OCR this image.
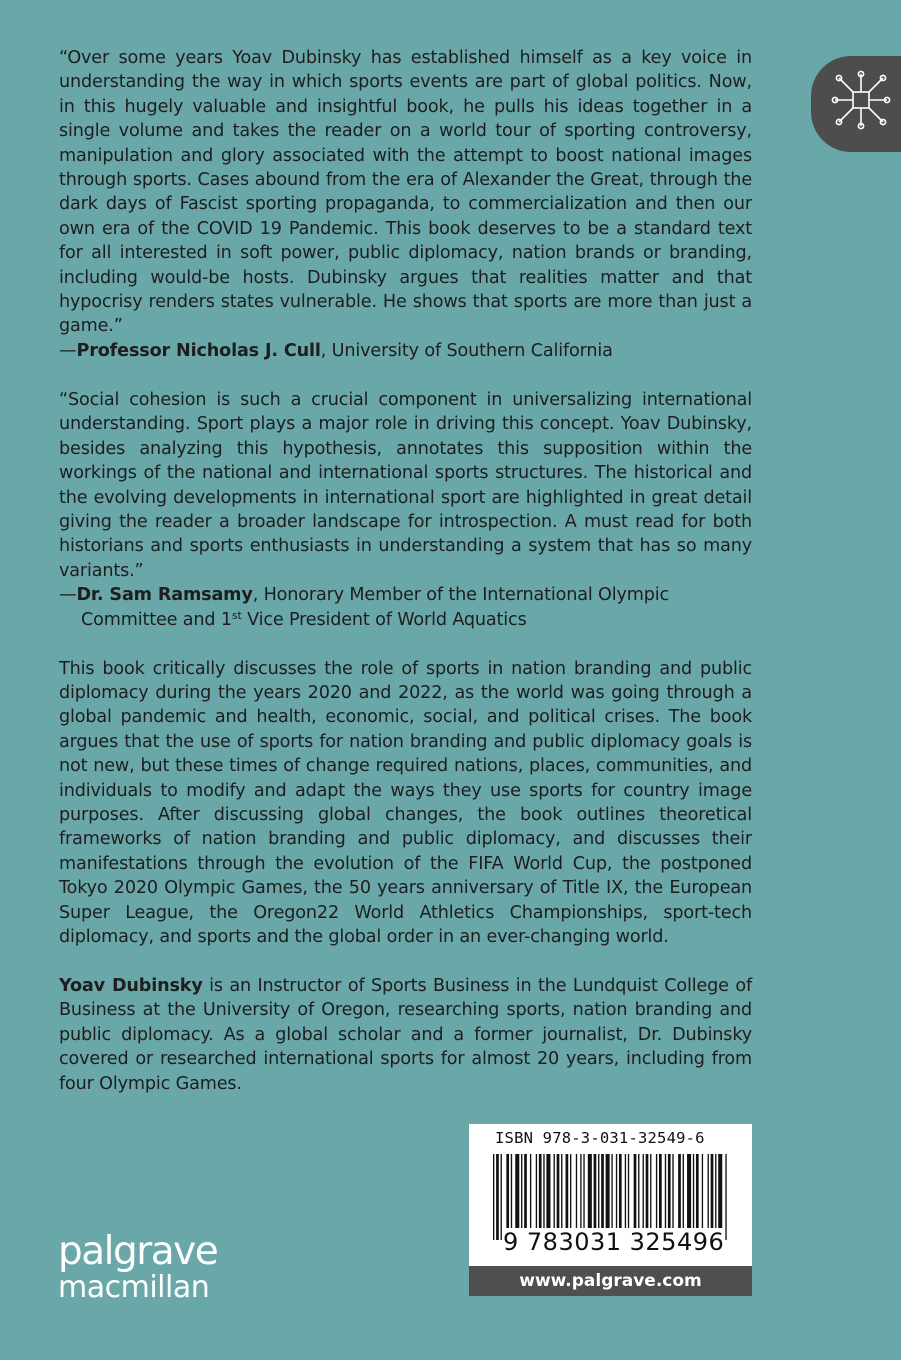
“Over some years Yoav Dubinsky has established himself as a key voice in understanding the way in which sports events are part of global politics. Now, in this hugely valuable and insightful book, he pulls his ideas together in a single volume and takes the reader on a world tour of sporting controversy, manipulation and glory associated with the attempt to boost national images through sports. Cases abound from the era of Alexander the Great, through the dark days of Fascist sporting propaganda, to commercialization and then our own era of the COVID 19 Pandemic. This book deserves to be a standard text for all interested in soft power, public diplomacy, nation brands or branding, including would-be hosts. Dubinsky argues that realities matter and that hypocrisy renders states vulnerable. He shows that sports are more than just a game.”

—Professor Nicholas J. Cull, University of Southern California

“Social cohesion is such a crucial component in universalizing international understanding. Sport plays a major role in driving this concept. Yoav Dubinsky, besides analyzing this hypothesis, annotates this supposition within the workings of the national and international sports structures. The historical and the evolving developments in international sport are highlighted in great detail giving the reader a broader landscape for introspection. A must read for both historians and sports enthusiasts in understanding a system that has so many variants.”

—Dr. Sam Ramsamy, Honorary Member of the International Olympic
Committee and 1st Vice President of World Aquatics

This book critically discusses the role of sports in nation branding and public diplomacy during the years 2020 and 2022, as the world was going through a global pandemic and health, economic, social, and political crises. The book argues that the use of sports for nation branding and public diplomacy goals is not new, but these times of change required nations, places, communities, and individuals to modify and adapt the ways they use sports for country image purposes. After discussing global changes, the book outlines theoretical frameworks of nation branding and public diplomacy, and discusses their manifestations through the evolution of the FIFA World Cup, the postponed Tokyo 2020 Olympic Games, the 50 years anniversary of Title IX, the European Super League, the Oregon22 World Athletics Championships, sport-tech diplomacy, and sports and the global order in an ever-changing world.

Yoav Dubinsky is an Instructor of Sports Business in the Lundquist College of Business at the University of Oregon, researching sports, nation branding and public diplomacy. As a global scholar and a former journalist, Dr. Dubinsky covered or researched international sports for almost 20 years, including from four Olympic Games.

ISBN 978-3-031-32549-6
9 783031 325496
www.palgrave.com
palgrave
macmillan
